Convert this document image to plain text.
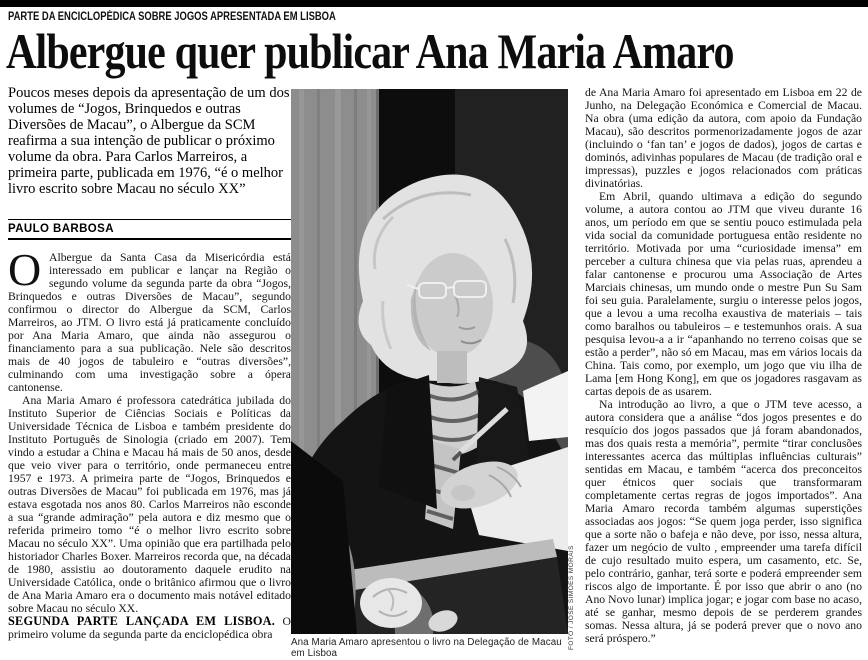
PARTE DA ENCICLOPÉDICA SOBRE JOGOS APRESENTADA EM LISBOA
Albergue quer publicar Ana Maria Amaro
Poucos meses depois da apresentação de um dos volumes de “Jogos, Brinquedos e outras Diversões de Macau”, o Albergue da SCM reafirma a sua intenção de publicar o próximo volume da obra. Para Carlos Marreiros, a primeira parte, publicada em 1976, “é o melhor livro escrito sobre Macau no século XX”
PAULO BARBOSA

O Albergue da Santa Casa da Misericórdia está interessado em publicar e lançar na Região o segundo volume da segunda parte da obra “Jogos, Brinquedos e outras Diversões de Macau”, segundo confirmou o director do Albergue da SCM, Carlos Marreiros, ao JTM. O livro está já praticamente concluído por Ana Maria Amaro, que ainda não assegurou o financiamento para a sua publicação. Nele são descritos mais de 40 jogos de tabuleiro e “outras diversões”, culminando com uma investigação sobre a ópera cantonense.

Ana Maria Amaro é professora catedrática jubilada do Instituto Superior de Ciências Sociais e Políticas da Universidade Técnica de Lisboa e também presidente do Instituto Português de Sinologia (criado em 2007). Tem vindo a estudar a China e Macau há mais de 50 anos, desde que veio viver para o território, onde permaneceu entre 1957 e 1973. A primeira parte de “Jogos, Brinquedos e outras Diversões de Macau” foi publicada em 1976, mas já estava esgotada nos anos 80. Carlos Marreiros não esconde a sua “grande admiração” pela autora e diz mesmo que o referida primeiro tomo “é o melhor livro escrito sobre Macau no século XX”. Uma opinião que era partilhada pelo historiador Charles Boxer. Marreiros recorda que, na década de 1980, assistiu ao doutoramento daquele erudito na Universidade Católica, onde o britânico afirmou que o livro de Ana Maria Amaro era o documento mais notável editado sobre Macau no século XX.

SEGUNDA PARTE LANÇADA EM LISBOA. O primeiro volume da segunda parte da enciclopédica obra

Ana Maria Amaro apresentou o livro na Delegação de Macau em Lisboa
FOTO / JOSÉ SIMÕES MORAIS

de Ana Maria Amaro foi apresentado em Lisboa em 22 de Junho, na Delegação Económica e Comercial de Macau. Na obra (uma edição da autora, com apoio da Fundação Macau), são descritos pormenorizadamente jogos de azar (incluindo o ‘fan tan’ e jogos de dados), jogos de cartas e dominós, adivinhas populares de Macau (de tradição oral e impressas), puzzles e jogos relacionados com práticas divinatórias.

Em Abril, quando ultimava a edição do segundo volume, a autora contou ao JTM que viveu durante 16 anos, um período em que se sentiu pouco estimulada pela vida social da comunidade portuguesa então residente no território. Motivada por uma “curiosidade imensa” em perceber a cultura chinesa que via pelas ruas, aprendeu a falar cantonense e procurou uma Associação de Artes Marciais chinesas, um mundo onde o mestre Pun Su Sam foi seu guia. Paralelamente, surgiu o interesse pelos jogos, que a levou a uma recolha exaustiva de materiais – tais como baralhos ou tabuleiros – e testemunhos orais. A sua pesquisa levou-a a ir “apanhando no terreno coisas que se estão a perder”, não só em Macau, mas em vários locais da China. Tais como, por exemplo, um jogo que viu ilha de Lama [em Hong Kong], em que os jogadores rasgavam as cartas depois de as usarem.

Na introdução ao livro, a que o JTM teve acesso, a autora considera que a análise “dos jogos presentes e do resquício dos jogos passados que já foram abandonados, mas dos quais resta a memória”, permite “tirar conclusões interessantes acerca das múltiplas influências culturais” sentidas em Macau, e também “acerca dos preconceitos quer étnicos quer sociais que transformaram completamente certas regras de jogos importados”. Ana Maria Amaro recorda também algumas superstições associadas aos jogos: “Se quem joga perder, isso significa que a sorte não o bafeja e não deve, por isso, nessa altura, fazer um negócio de vulto , empreender uma tarefa difícil de cujo resultado muito espera, um casamento, etc. Se, pelo contrário, ganhar, terá sorte e poderá empreender sem riscos algo de importante. É por isso que abrir o ano (no Ano Novo lunar) implica jogar; e jogar com base no acaso, até se ganhar, mesmo depois de se perderem grandes somas. Nessa altura, já se poderá prever que o novo ano será próspero.”
